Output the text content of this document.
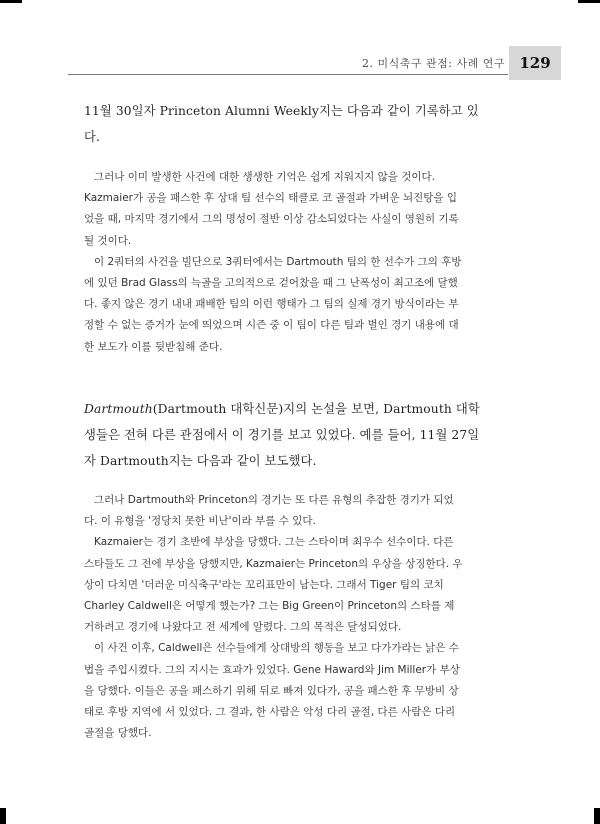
2. 미식축구 관점: 사례 연구 129

11월 30일자 Princeton Alumni Weekly지는 다음과 같이 기록하고 있다.

그러나 이미 발생한 사건에 대한 생생한 기억은 쉽게 지워지지 않을 것이다. Kazmaier가 공을 패스한 후 상대 팀 선수의 태클로 코 골절과 가벼운 뇌진탕을 입었을 때, 마지막 경기에서 그의 명성이 절반 이상 감소되었다는 사실이 영원히 기록될 것이다.

이 2쿼터의 사건을 빌단으로 3쿼터에서는 Dartmouth 팀의 한 선수가 그의 후방에 있던 Brad Glass의 늑골을 고의적으로 걷어찼을 때 그 난폭성이 최고조에 달했다. 좋지 않은 경기 내내 패배한 팀의 이런 행태가 그 팀의 실제 경기 방식이라는 부정할 수 없는 증거가 눈에 띄었으며 시즌 중 이 팀이 다른 팀과 벌인 경기 내용에 대한 보도가 이를 뒷받침해 준다.

Dartmouth(Dartmouth 대학신문)지의 논설을 보면, Dartmouth 대학생들은 전혀 다른 관점에서 이 경기를 보고 있었다. 예를 들어, 11월 27일자 Dartmouth지는 다음과 같이 보도했다.

그러나 Dartmouth와 Princeton의 경기는 또 다른 유형의 추잡한 경기가 되었다. 이 유형을 '정당치 못한 비난'이라 부를 수 있다.

Kazmaier는 경기 초반에 부상을 당했다. 그는 스타이며 최우수 선수이다. 다른 스타들도 그 전에 부상을 당했지만, Kazmaier는 Princeton의 우상을 상징한다. 우상이 다치면 '더러운 미식축구'라는 꼬리표만이 남는다. 그래서 Tiger 팀의 코치 Charley Caldwell은 어떻게 했는가? 그는 Big Green이 Princeton의 스타를 제거하려고 경기에 나왔다고 전 세계에 알렸다. 그의 목적은 달성되었다.

이 사건 이후, Caldwell은 선수들에게 상대방의 행동을 보고 다가가라는 낡은 수법을 주입시켰다. 그의 지시는 효과가 있었다. Gene Haward와 Jim Miller가 부상을 당했다. 이들은 공을 패스하기 위해 뒤로 빠져 있다가, 공을 패스한 후 무방비 상태로 후방 지역에 서 있었다. 그 결과, 한 사람은 악성 다리 골절, 다른 사람은 다리 골절을 당했다.
